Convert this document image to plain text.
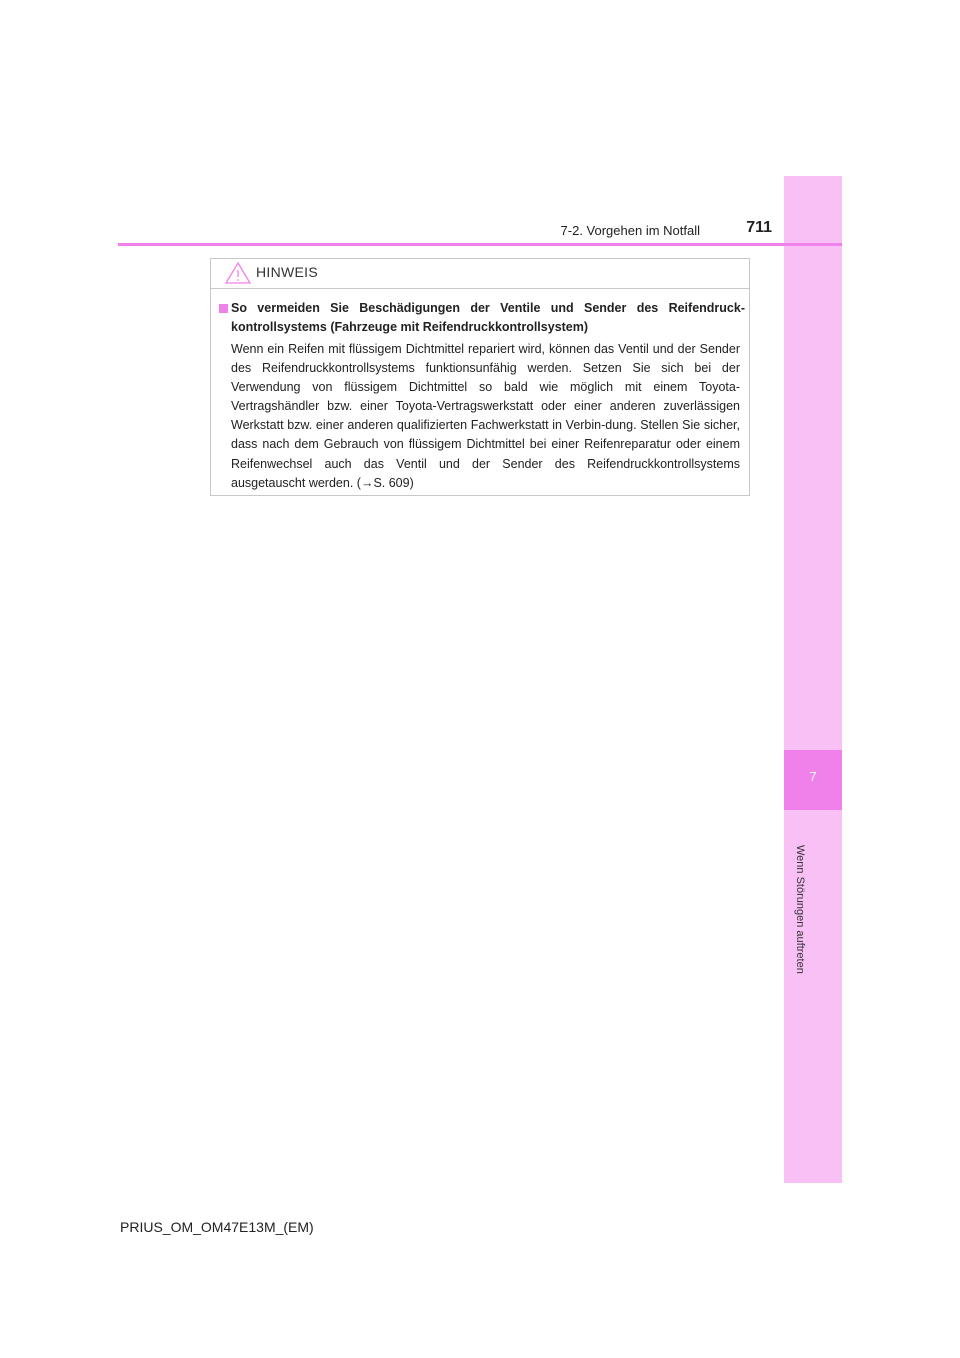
7
Wenn Störungen auftreten
7-2. Vorgehen im Notfall	711
HINWEIS
So vermeiden Sie Beschädigungen der Ventile und Sender des Reifendruck-kontrollsystems (Fahrzeuge mit Reifendruckkontrollsystem)
Wenn ein Reifen mit flüssigem Dichtmittel repariert wird, können das Ventil und der Sender des Reifendruckkontrollsystems funktionsunfähig werden. Setzen Sie sich bei der Verwendung von flüssigem Dichtmittel so bald wie möglich mit einem Toyota-Vertragshändler bzw. einer Toyota-Vertragswerkstatt oder einer anderen zuverlässigen Werkstatt bzw. einer anderen qualifizierten Fachwerkstatt in Verbin-dung. Stellen Sie sicher, dass nach dem Gebrauch von flüssigem Dichtmittel bei einer Reifenreparatur oder einem Reifenwechsel auch das Ventil und der Sender des Reifendruckkontrollsystems ausgetauscht werden. (→S. 609)
PRIUS_OM_OM47E13M_(EM)
